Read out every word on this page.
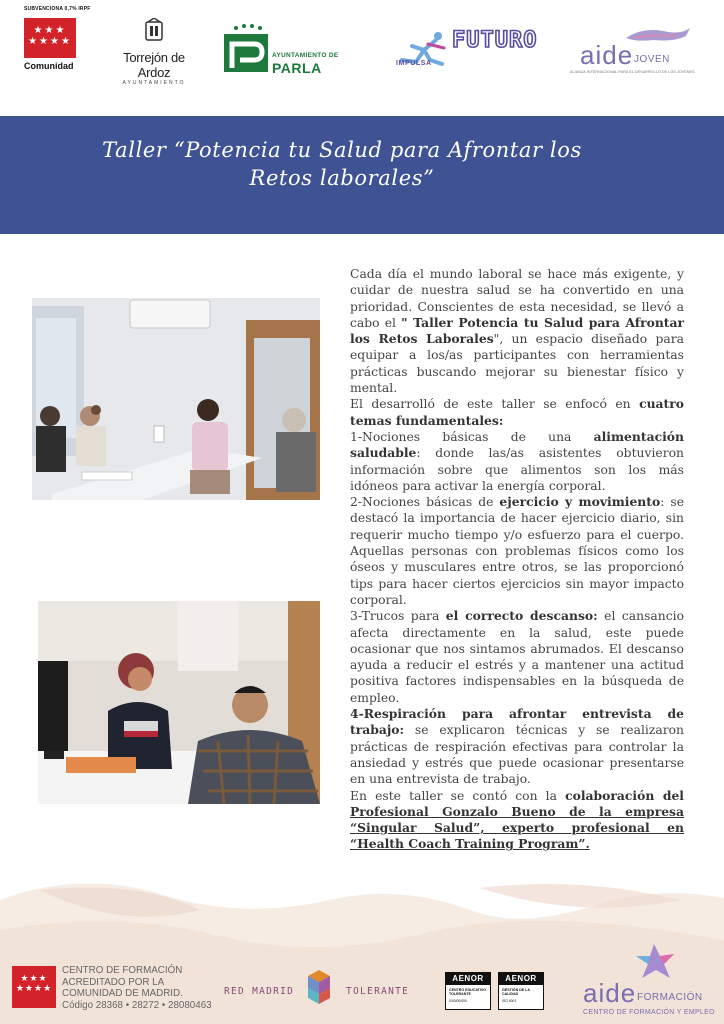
SUBVENCIONA 0,7% IRPF
★★★
★★★★
Comunidad
Torrejón de Ardoz
AYUNTAMIENTO
AYUNTAMIENTO DE
PARLA
FUTURO
IMPULSA	aide JOVEN
ALIANZA INTERNACIONAL PARA EL DESARROLLO DE LOS JÓVENES
Taller “Potencia tu Salud para Afrontar los
Retos laborales”

Cada día el mundo laboral se hace más exigente, y cuidar de nuestra salud se ha convertido en una prioridad. Conscientes de esta necesidad, se llevó a cabo el " Taller Potencia tu Salud para Afrontar los Retos Laborales", un espacio diseñado para equipar a los/as participantes con herramientas prácticas buscando mejorar su bienestar físico y mental.

El desarrolló de este taller se enfocó en cuatro temas fundamentales:

1-Nociones básicas de una alimentación saludable: donde las/as asistentes obtuvieron información sobre que alimentos son los más idóneos para activar la energía corporal.

2-Nociones básicas de ejercicio y movimiento: se destacó la importancia de hacer ejercicio diario, sin requerir mucho tiempo y/o esfuerzo para el cuerpo. Aquellas personas con problemas físicos como los óseos y musculares entre otros, se las proporcionó tips para hacer ciertos ejercicios sin mayor impacto corporal.

3-Trucos para el correcto descanso: el cansancio afecta directamente en la salud, este puede ocasionar que nos sintamos abrumados. El descanso ayuda a reducir el estrés y a mantener una actitud positiva factores indispensables en la búsqueda de empleo.

4-Respiración para afrontar entrevista de trabajo: se explicaron técnicas y se realizaron prácticas de respiración efectivas para controlar la ansiedad y estrés que puede ocasionar presentarse en una entrevista de trabajo.

En este taller se contó con la colaboración del Profesional Gonzalo Bueno de la empresa “Singular Salud”, experto profesional en “Health Coach Training Program”.

★★★
★★★★
CENTRO DE FORMACIÓN
ACREDITADO POR LA
COMUNIDAD DE MADRID.
Código 28368 • 28272 • 28080463
RED MADRID	TOLERANTE
AENOR
CENTRO EDUCATIVO TOLERANTE
0/00/00/000
AENOR
GESTIÓN DE LA CALIDAD
ISO 9001	aide FORMACIÓN
CENTRO DE FORMACIÓN Y EMPLEO
